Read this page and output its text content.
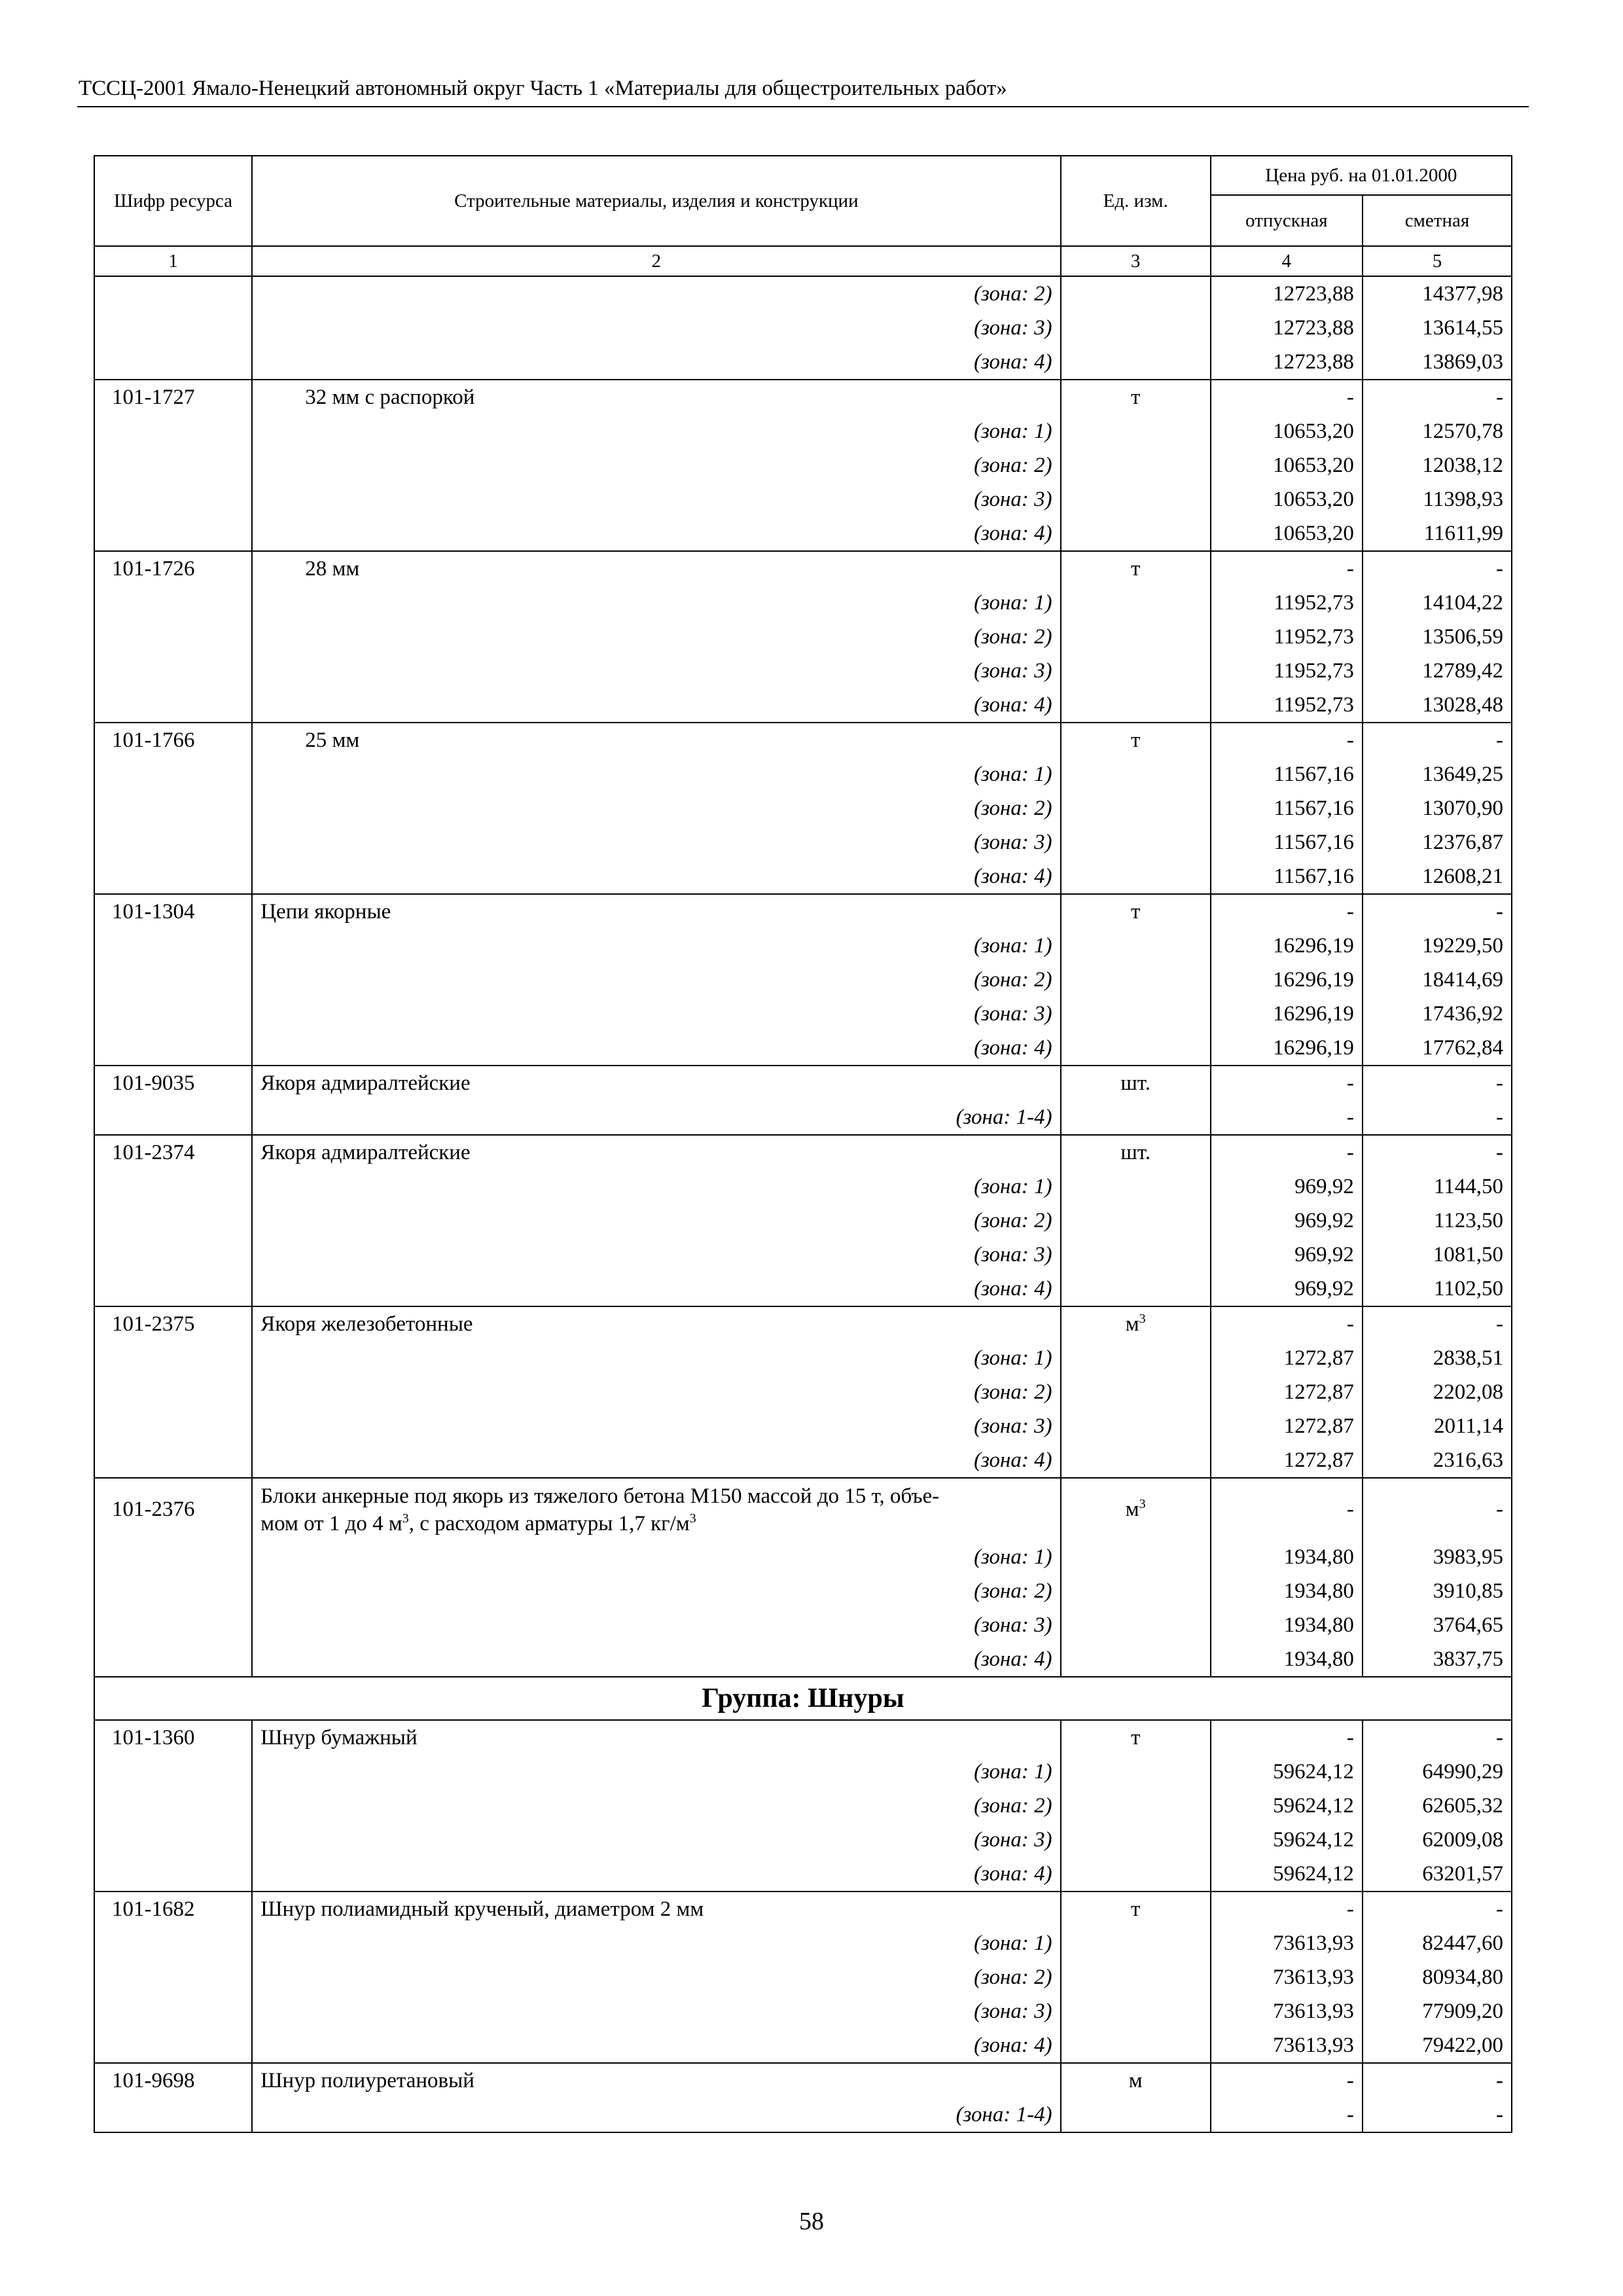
ТССЦ-2001 Ямало-Ненецкий автономный округ Часть 1 «Материалы для общестроительных работ»
Шифр ресурса	Строительные материалы, изделия и конструкции	Ед. изм.	Цена руб. на 01.01.2000	
			отпускная	сметная
1	2	3	4	5
	(зона: 2)		12723,88	14377,98
	(зона: 3)		12723,88	13614,55
	(зона: 4)		12723,88	13869,03
101-1727	32 мм с распоркой	т	-	-
	(зона: 1)		10653,20	12570,78
	(зона: 2)		10653,20	12038,12
	(зона: 3)		10653,20	11398,93
	(зона: 4)		10653,20	11611,99
101-1726	28 мм	т	-	-
	(зона: 1)		11952,73	14104,22
	(зона: 2)		11952,73	13506,59
	(зона: 3)		11952,73	12789,42
	(зона: 4)		11952,73	13028,48
101-1766	25 мм	т	-	-
	(зона: 1)		11567,16	13649,25
	(зона: 2)		11567,16	13070,90
	(зона: 3)		11567,16	12376,87
	(зона: 4)		11567,16	12608,21
101-1304	Цепи якорные	т	-	-
	(зона: 1)		16296,19	19229,50
	(зона: 2)		16296,19	18414,69
	(зона: 3)		16296,19	17436,92
	(зона: 4)		16296,19	17762,84
101-9035	Якоря адмиралтейские	шт.	-	-
	(зона: 1-4)		-	-
101-2374	Якоря адмиралтейские	шт.	-	-
	(зона: 1)		969,92	1144,50
	(зона: 2)		969,92	1123,50
	(зона: 3)		969,92	1081,50
	(зона: 4)		969,92	1102,50
101-2375	Якоря железобетонные	$м^3$	-	-
	(зона: 1)		1272,87	2838,51
	(зона: 2)		1272,87	2202,08
	(зона: 3)		1272,87	2011,14
	(зона: 4)		1272,87	2316,63
101-2376	Блоки анкерные под якорь из тяжелого бетона М150 массой до 15 т, объе-
мом от 1 до 4 $м^3$, с расходом арматуры 1,7 $кг/м^3$	$м^3$	-	-
	(зона: 1)		1934,80	3983,95
	(зона: 2)		1934,80	3910,85
	(зона: 3)		1934,80	3764,65
	(зона: 4)		1934,80	3837,75
Группа: Шнуры				
101-1360	Шнур бумажный	т	-	-
	(зона: 1)		59624,12	64990,29
	(зона: 2)		59624,12	62605,32
	(зона: 3)		59624,12	62009,08
	(зона: 4)		59624,12	63201,57
101-1682	Шнур полиамидный крученый, диаметром 2 мм	т	-	-
	(зона: 1)		73613,93	82447,60
	(зона: 2)		73613,93	80934,80
	(зона: 3)		73613,93	77909,20
	(зона: 4)		73613,93	79422,00
101-9698	Шнур полиуретановый	м	-	-
	(зона: 1-4)		-	-
58
